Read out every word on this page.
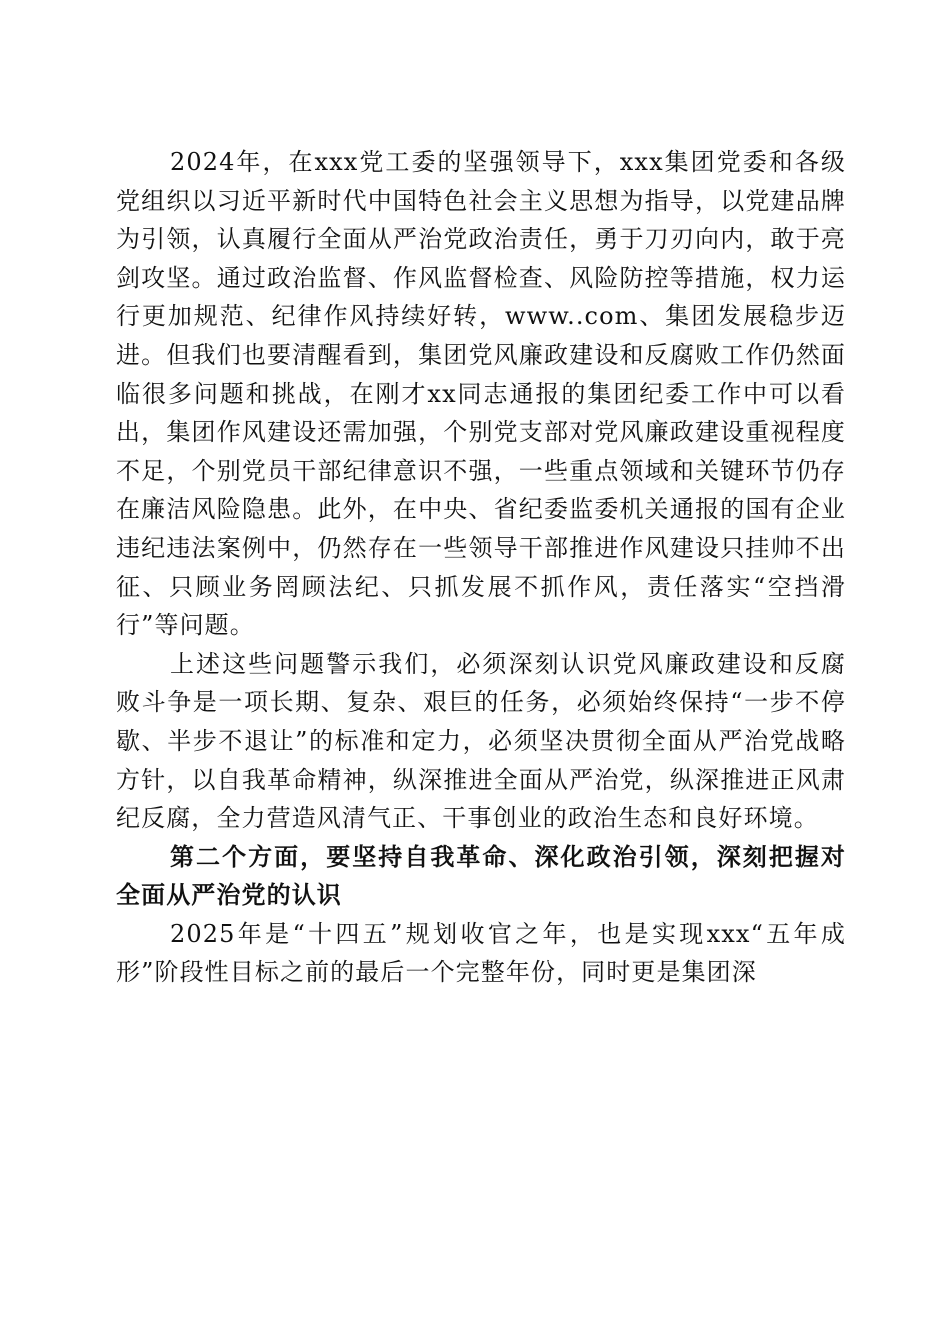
2024年，在xxx党工委的坚强领导下，xxx集团党委和各级党组织以习近平新时代中国特色社会主义思想为指导，以党建品牌为引领，认真履行全面从严治党政治责任，勇于刀刃向内，敢于亮剑攻坚。通过政治监督、作风监督检查、风险防控等措施，权力运行更加规范、纪律作风持续好转，www..com、集团发展稳步迈进。但我们也要清醒看到，集团党风廉政建设和反腐败工作仍然面临很多问题和挑战，在刚才xx同志通报的集团纪委工作中可以看出，集团作风建设还需加强，个别党支部对党风廉政建设重视程度不足，个别党员干部纪律意识不强，一些重点领域和关键环节仍存在廉洁风险隐患。此外，在中央、省纪委监委机关通报的国有企业违纪违法案例中，仍然存在一些领导干部推进作风建设只挂帅不出征、只顾业务罔顾法纪、只抓发展不抓作风，责任落实“空挡滑行”等问题。

上述这些问题警示我们，必须深刻认识党风廉政建设和反腐败斗争是一项长期、复杂、艰巨的任务，必须始终保持“一步不停歇、半步不退让”的标准和定力，必须坚决贯彻全面从严治党战略方针，以自我革命精神，纵深推进全面从严治党，纵深推进正风肃纪反腐，全力营造风清气正、干事创业的政治生态和良好环境。

第二个方面，要坚持自我革命、深化政治引领，深刻把握对全面从严治党的认识

2025年是“十四五”规划收官之年，也是实现xxx“五年成形”阶段性目标之前的最后一个完整年份，同时更是集团深
